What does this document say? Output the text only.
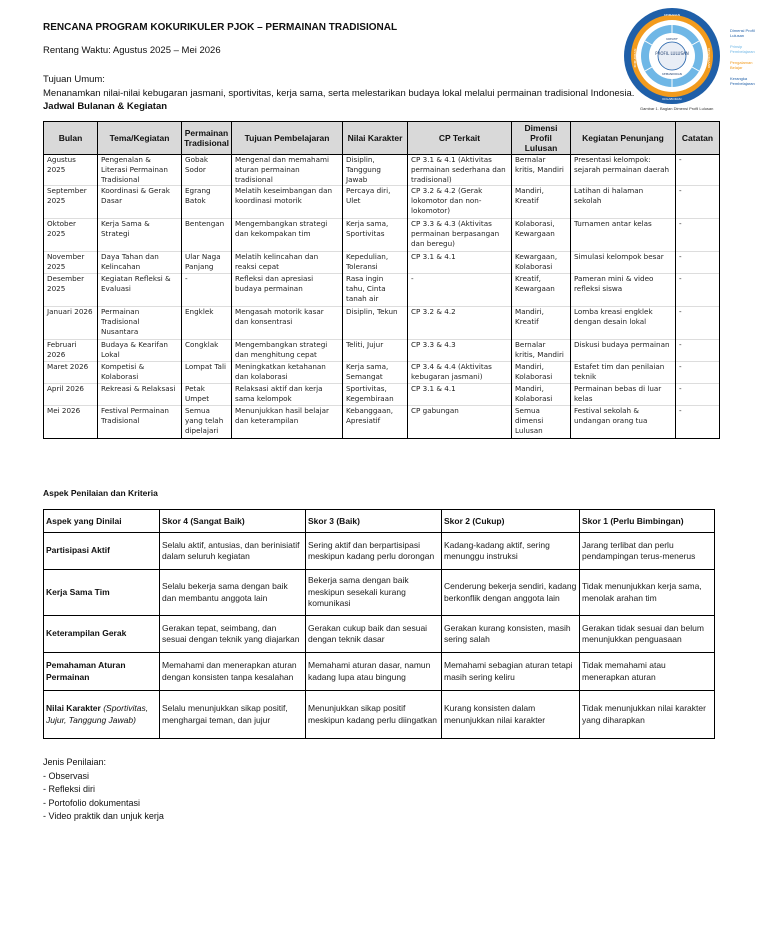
RENCANA PROGRAM KOKURIKULER PJOK – PERMAINAN TRADISIONAL
Rentang Waktu: Agustus 2025 – Mei 2026
Tujuan Umum:
Menanamkan nilai-nilai kebugaran jasmani, sportivitas, kerja sama, serta melestarikan budaya lokal melalui permainan tradisional Indonesia.
Jadwal Bulanan & Kegiatan
PROFIL LULUSAN
KEIMANAN
KEWARGAAN
KOLABORASI
KOMUNIKASI
KREATIF
KEMANDIRIAN
Dimensi Profil Lulusan
Prinsip Pembelajaran
Pengalaman Belajar
Kerangka Pembelajaran
Gambar 1. Bagian Dimensi Profil Lulusan
Bulan	Tema/Kegiatan	Permainan Tradisional	Tujuan Pembelajaran	Nilai Karakter	CP Terkait	Dimensi Profil Lulusan	Kegiatan Penunjang	Catatan
Agustus 2025	Pengenalan & Literasi Permainan Tradisional	Gobak Sodor	Mengenal dan memahami aturan permainan tradisional	Disiplin, Tanggung Jawab	CP 3.1 & 4.1 (Aktivitas permainan sederhana dan tradisional)	Bernalar kritis, Mandiri	Presentasi kelompok: sejarah permainan daerah	-
September 2025	Koordinasi & Gerak Dasar	Egrang Batok	Melatih keseimbangan dan koordinasi motorik	Percaya diri, Ulet	CP 3.2 & 4.2 (Gerak lokomotor dan non-lokomotor)	Mandiri, Kreatif	Latihan di halaman sekolah	-
Oktober 2025	Kerja Sama & Strategi	Bentengan	Mengembangkan strategi dan kekompakan tim	Kerja sama, Sportivitas	CP 3.3 & 4.3 (Aktivitas permainan berpasangan dan beregu)	Kolaborasi, Kewargaan	Turnamen antar kelas	-
November 2025	Daya Tahan dan Kelincahan	Ular Naga Panjang	Melatih kelincahan dan reaksi cepat	Kepedulian, Toleransi	CP 3.1 & 4.1	Kewargaan, Kolaborasi	Simulasi kelompok besar	-
Desember 2025	Kegiatan Refleksi & Evaluasi	-	Refleksi dan apresiasi budaya permainan	Rasa ingin tahu, Cinta tanah air	-	Kreatif, Kewargaan	Pameran mini & video refleksi siswa	-
Januari 2026	Permainan Tradisional Nusantara	Engklek	Mengasah motorik kasar dan konsentrasi	Disiplin, Tekun	CP 3.2 & 4.2	Mandiri, Kreatif	Lomba kreasi engklek dengan desain lokal	-
Februari 2026	Budaya & Kearifan Lokal	Congklak	Mengembangkan strategi dan menghitung cepat	Teliti, Jujur	CP 3.3 & 4.3	Bernalar kritis, Mandiri	Diskusi budaya permainan	-
Maret 2026	Kompetisi & Kolaborasi	Lompat Tali	Meningkatkan ketahanan dan kolaborasi	Kerja sama, Semangat	CP 3.4 & 4.4 (Aktivitas kebugaran jasmani)	Mandiri, Kolaborasi	Estafet tim dan penilaian teknik	-
April 2026	Rekreasi & Relaksasi	Petak Umpet	Relaksasi aktif dan kerja sama kelompok	Sportivitas, Kegembiraan	CP 3.1 & 4.1	Mandiri, Kolaborasi	Permainan bebas di luar kelas	-
Mei 2026	Festival Permainan Tradisional	Semua yang telah dipelajari	Menunjukkan hasil belajar dan keterampilan	Kebanggaan, Apresiatif	CP gabungan	Semua dimensi Lulusan	Festival sekolah & undangan orang tua	-
Aspek Penilaian dan Kriteria
Aspek yang Dinilai	Skor 4 (Sangat Baik)	Skor 3 (Baik)	Skor 2 (Cukup)	Skor 1 (Perlu Bimbingan)
Partisipasi Aktif	Selalu aktif, antusias, dan berinisiatif dalam seluruh kegiatan	Sering aktif dan berpartisipasi meskipun kadang perlu dorongan	Kadang-kadang aktif, sering menunggu instruksi	Jarang terlibat dan perlu pendampingan terus-menerus
Kerja Sama Tim	Selalu bekerja sama dengan baik dan membantu anggota lain	Bekerja sama dengan baik meskipun sesekali kurang komunikasi	Cenderung bekerja sendiri, kadang berkonflik dengan anggota lain	Tidak menunjukkan kerja sama, menolak arahan tim
Keterampilan Gerak	Gerakan tepat, seimbang, dan sesuai dengan teknik yang diajarkan	Gerakan cukup baik dan sesuai dengan teknik dasar	Gerakan kurang konsisten, masih sering salah	Gerakan tidak sesuai dan belum menunjukkan penguasaan
Pemahaman Aturan Permainan	Memahami dan menerapkan aturan dengan konsisten tanpa kesalahan	Memahami aturan dasar, namun kadang lupa atau bingung	Memahami sebagian aturan tetapi masih sering keliru	Tidak memahami atau menerapkan aturan
Nilai Karakter (Sportivitas, Jujur, Tanggung Jawab)	Selalu menunjukkan sikap positif, menghargai teman, dan jujur	Menunjukkan sikap positif meskipun kadang perlu diingatkan	Kurang konsisten dalam menunjukkan nilai karakter	Tidak menunjukkan nilai karakter yang diharapkan
Jenis Penilaian:
- Observasi
- Refleksi diri
- Portofolio dokumentasi
- Video praktik dan unjuk kerja
